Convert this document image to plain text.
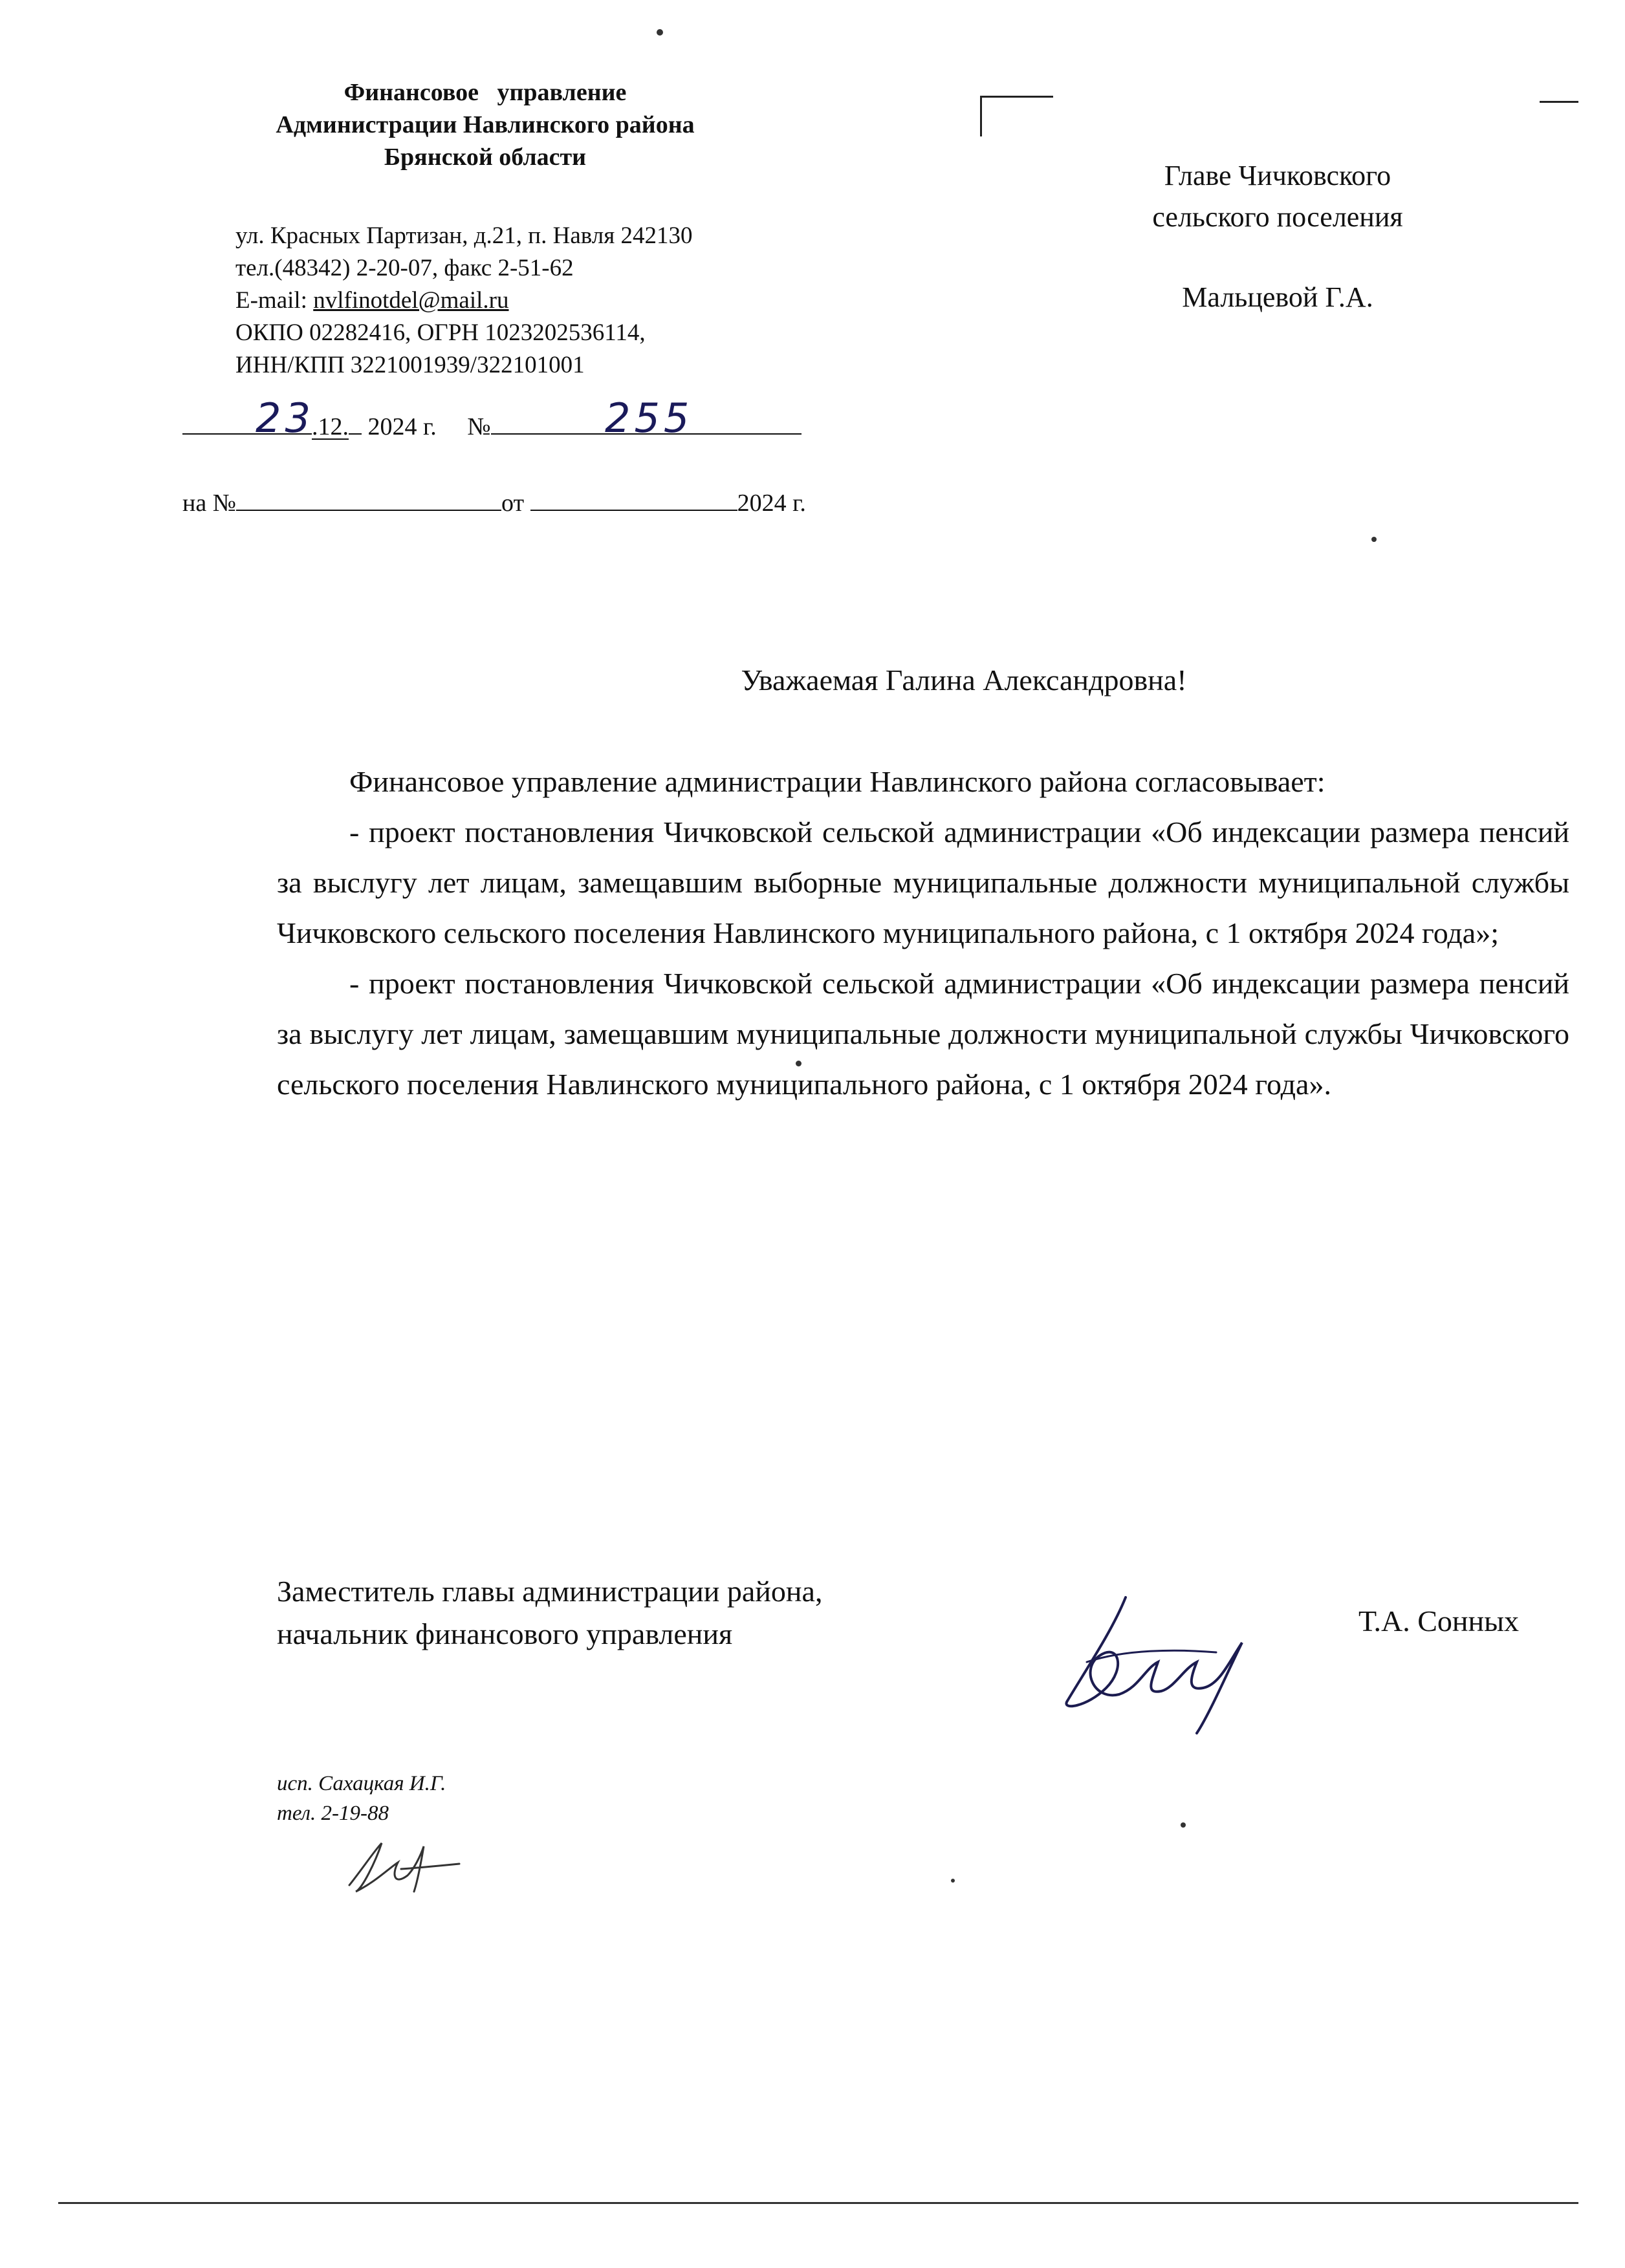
Финансовое   управление
Администрации Навлинского района
Брянской области
ул. Красных Партизан, д.21, п. Навля 242130
тел.(48342) 2-20-07, факс 2-51-62
E-mail: nvlfinotdel@mail.ru
ОКПО 02282416, ОГРН 1023202536114,
ИНН/КПП 3221001939/322101001
.12. 2024 г. №
23	255
на №	от	2024 г.
Главе Чичковского
сельского поселения
Мальцевой Г.А.
Уважаемая Галина Александровна!

Финансовое управление администрации Навлинского района согласовывает:

- проект постановления Чичковской сельской администрации «Об индексации размера пенсий за выслугу лет лицам, замещавшим выборные муниципальные должности муниципальной службы Чичковского сельского поселения Навлинского муниципального района, с 1 октября 2024 года»;

- проект постановления Чичковской сельской администрации «Об индексации размера пенсий за выслугу лет лицам, замещавшим муниципальные должности муниципальной службы Чичковского сельского поселения Навлинского муниципального района, с 1 октября 2024 года».

Заместитель главы администрации района,
начальник финансового управления	Т.А. Сонных
исп. Сахацкая И.Г.
тел. 2-19-88
